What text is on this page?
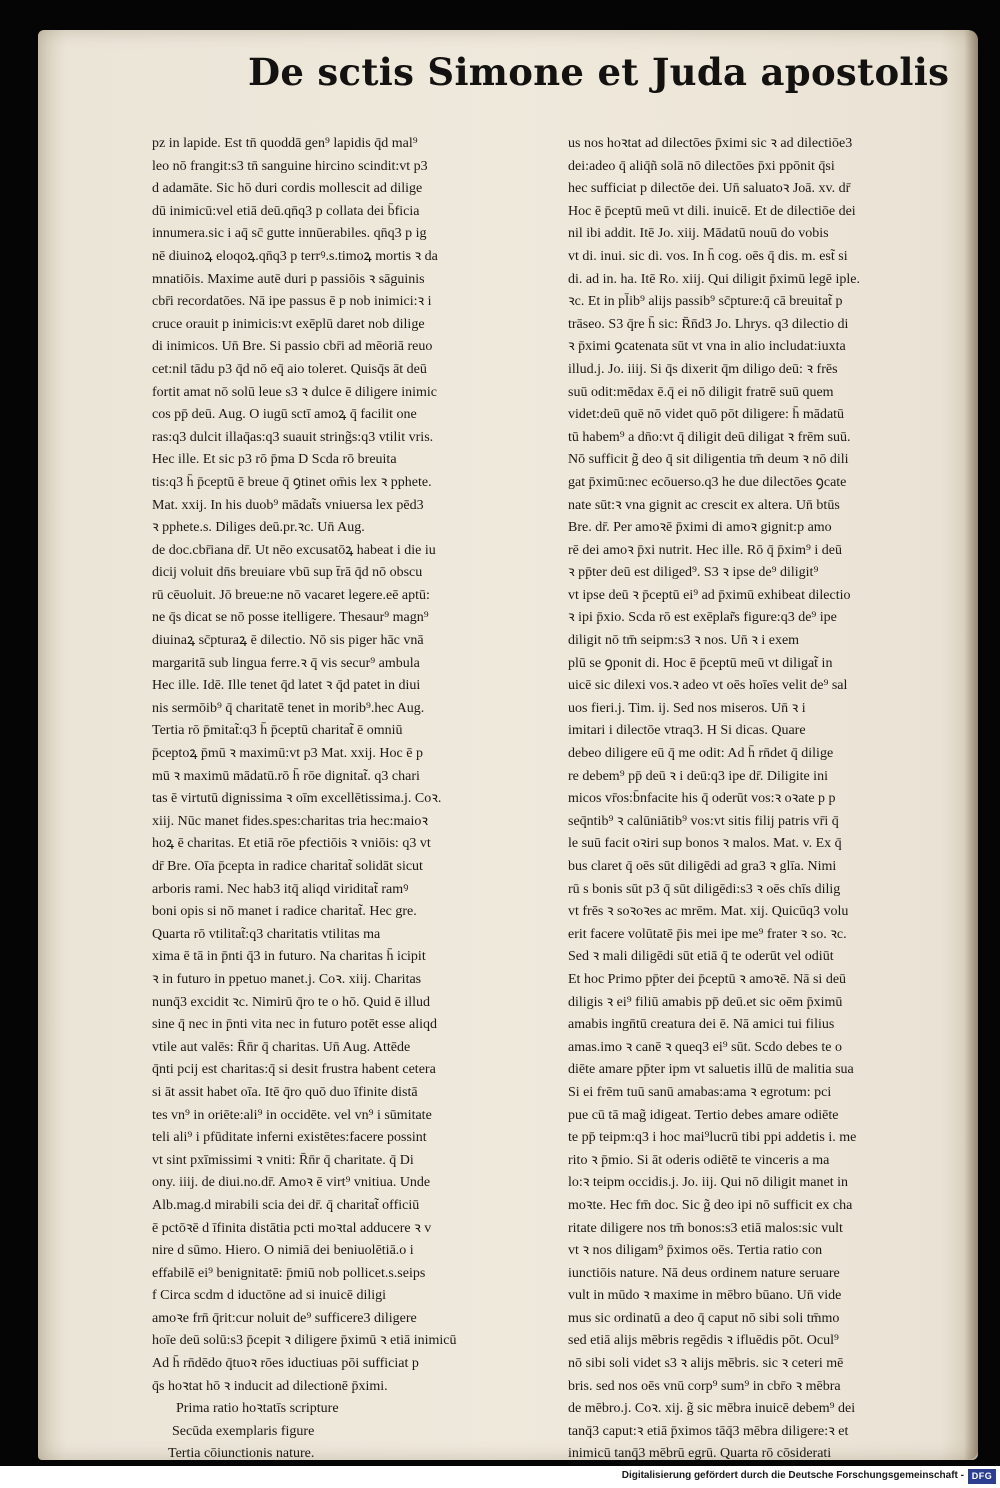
De sctis Simone et Juda apostolis
pz in lapide. Est tn̄ quoddā gen⁹ lapidis q̄d mal⁹
leo nō frangit:s3 tn̄ sanguine hircino scindit:vt p3
d adamāte. Sic hō duri cordis mollescit ad dilige
dū inimicū:vel etiā deū.qn̄q3 p collata dei b̄ficia
innumera.sic i aq̄ sc̄ gutte innūerabiles. qn̄q3 p ig
nē diuinoꝝ eloqoꝝ.qn̄q3 p terrꝰ.s.timoꝝ mortis ꝛ da
mnatiōis. Maxime autē duri p passiōis ꝛ sāguinis
cbr̄i recordatōes. Nā ipe passus ē p nob inimici:ꝛ i
cruce orauit p inimicis:vt exēplū daret nob dilige
di inimicos. Un̄ Bre. Si passio cbr̄i ad mēoriā reuo
cet:nil tādu p3 q̄d nō eq̄ aio toleret. Quisq̄s āt deū
fortit amat nō solū leue s3 ꝛ dulce ē diligere inimic
cos pp̄ deū. Aug. O iugū sctī amoꝝ q̄ facilit one
ras:q3 dulcit illaq̄as:q3 suauit string̃s:q3 vtilit vris.
Hec ille. Et sic p3 rō p̄ma D Scda rō breuita
tis:q3 h̄ p̄ceptū ē breue q̄ ꝯtinet om̄is lex ꝛ pphete.
Mat. xxij. In his duob⁹ mādat̃s vniuersa lex pēd3
ꝛ pphete.s. Diliges deū.pr.ꝛc. Un̄ Aug.
de doc.cbr̄iana dr̄. Ut nēo excusatōꝝ habeat i die iu
dicij voluit dn̄s breuiare vbū sup t̄rā q̄d nō obscu
rū cēuoluit. Jō breue:ne nō vacaret legere.eē aptū:
ne q̄s dicat se nō posse itelligere. Thesaur⁹ magn⁹
diuinaꝝ sc̄pturaꝝ ē dilectio. Nō sis piger hāc vnā
margaritā sub lingua ferre.ꝛ q̄ vis secur⁹ ambula
Hec ille. Idē. Ille tenet q̄d latet ꝛ q̄d patet in diui
nis sermōib⁹ q̄ charitatē tenet in morib⁹.hec Aug.
Tertia rō p̄mitat̃:q3 h̄ p̄ceptū charitat̃ ē omniū
p̄ceptoꝝ p̄mū ꝛ maximū:vt p3 Mat. xxij. Hoc ē p
mū ꝛ maximū mādatū.rō h̄ rōe dignitat̃. q3 chari
tas ē virtutū dignissima ꝛ oīm excellētissima.j. Coꝛ.
xiij. Nūc manet fides.spes:charitas tria hec:maioꝛ
hoꝝ ē charitas. Et etiā rōe pfectiōis ꝛ vniōis: q3 vt
dr̄ Bre. Oīa p̄cepta in radice charitat̃ solidāt sicut
arboris rami. Nec hab3 itq̄ aliqd viriditat̃ ramꝰ
boni opis si nō manet i radice charitat̃. Hec gre.
Quarta rō vtilitat̃:q3 charitatis vtilitas ma
xima ē tā in p̄nti q̄3 in futuro. Na charitas h̄ icipit
ꝛ in futuro in ppetuo manet.j. Coꝛ. xiij. Charitas
nunq̄3 excidit ꝛc. Nimirū q̄ro te o hō. Quid ē illud
sine q̄ nec in p̄nti vita nec in futuro potēt esse aliqd
vtile aut valēs: R̄n̄r q̄ charitas. Un̄ Aug. Attēde
q̄nti pcij est charitas:q̄ si desit frustra habent cetera
si āt assit habet oīa. Itē q̄ro quō duo īfinite distā
tes vn⁹ in oriēte:ali⁹ in occidēte. vel vn⁹ i sūmitate
teli ali⁹ i pfūditate inferni existētes:facere possint
vt sint pxīmissimi ꝛ vniti: R̄n̄r q̄ charitate. q̄ Di
ony. iiij. de diui.no.dr̄. Amoꝛ ē virt⁹ vnitiua. Unde
Alb.mag.d mirabili scia dei dr̄. q̄ charitat̃ officiū
ē pctōꝛē d īfinita distātia pcti moꝛtal adducere ꝛ v
nire d sūmo. Hiero. O nimiā dei beniuolētiā.o i
effabilē ei⁹ benignitatē: p̄miū nob pollicet.s.seips
f Circa scdm d iductōne ad si inuicē diligi
amoꝛe frn̄ q̄rit:cur noluit de⁹ sufficere3 diligere
hoīe deū solū:s3 p̄cepit ꝛ diligere p̄ximū ꝛ etiā inimicū
Ad h̄ rn̄dēdo q̄tuoꝛ rōes iductiuas pōi sufficiat p
q̄s hoꝛtat hō ꝛ inducit ad dilectionē p̄ximi.
Prima ratio hoꝛtatīs scripture
Secūda exemplaris figure
Tertia cōiunctionis nature.
us nos hoꝛtat ad dilectōes p̄ximi sic ꝛ ad dilectiōe3
dei:adeo q̄ aliq̄ñ solā nō dilectōes p̄xi ppōnit q̄si
hec sufficiat p dilectōe dei. Un̄ saluatoꝛ Joā. xv. dr̄
Hoc ē p̄ceptū meū vt dili. inuicē. Et de dilectiōe dei
nil ibi addit. Itē Jo. xiij. Mādatū nouū do vobis
vt di. inui. sic di. vos. In h̄ cog. oēs q̄ dis. m. est̃ si
di. ad in. ha. Itē Ro. xiij. Qui diligit p̄ximū legē iple.
ꝛc. Et in pl̄ib⁹ alijs passib⁹ sc̄pture:q̄ cā breuitat̃ p
trāseo. S3 q̄re h̄ sic: R̄n̄d3 Jo. Lhrys. q3 dilectio di
ꝛ p̄ximi ꝯcatenata sūt vt vna in alio includat:iuxta
illud.j. Jo. iiij. Si q̄s dixerit q̄m diligo deū: ꝛ frēs
suū odit:mēdax ē.q̄ ei nō diligit fratrē suū quem
videt:deū quē nō videt quō pōt diligere: h̄ mādatū
tū habem⁹ a dn̄o:vt q̄ diligit deū diligat ꝛ frēm suū.
Nō sufficit g̃ deo q̄ sit diligentia tm̄ deum ꝛ nō dili
gat p̄ximū:nec ecōuerso.q3 he due dilectōes ꝯcate
nate sūt:ꝛ vna gignit ac crescit ex altera. Un̄ btūs
Bre. dr̄. Per amoꝛē p̄ximi di amoꝛ gignit:p amo
rē dei amoꝛ p̄xi nutrit. Hec ille. Rō q̄ p̄xim⁹ i deū
ꝛ pp̄ter deū est diliged⁹. S3 ꝛ ipse de⁹ diligit⁹
vt ipse deū ꝛ p̄ceptū ei⁹ ad p̄ximū exhibeat dilectio
ꝛ ipi p̄xio. Scda rō est exēplar̃s figure:q3 de⁹ ipe
diligit nō tm̄ seipm:s3 ꝛ nos. Un̄ ꝛ i exem
plū se ꝯponit di. Hoc ē p̄ceptū meū vt diligat̃ in
uicē sic dilexi vos.ꝛ adeo vt oēs hoīes velit de⁹ sal
uos fieri.j. Tim. ij. Sed nos miseros. Un̄ ꝛ i
imitari i dilectōe vtraq3. H Si dicas. Quare
debeo diligere eū q̄ me odit: Ad h̄ rn̄det q̄ dilige
re debem⁹ pp̄ deū ꝛ i deū:q3 ipe dr̄. Diligite ini
micos vr̄os:b̄nfacite his q̄ oderūt vos:ꝛ oꝛate p p
seq̄ntib⁹ ꝛ calūniātib⁹ vos:vt sitis filij patris vr̄i q̄
le suū facit oꝛiri sup bonos ꝛ malos. Mat. v. Ex q̄
bus claret q̄ oēs sūt diligēdi ad gra3 ꝛ glīa. Nimi
rū s bonis sūt p3 q̄ sūt diligēdi:s3 ꝛ oēs chīs dilig
vt frēs ꝛ soꝛoꝛes ac mrēm. Mat. xij. Quicūq3 volu
erit facere volūtatē p̄is mei ipe me⁹ frater ꝛ so. ꝛc.
Sed ꝛ mali diligēdi sūt etiā q̄ te oderūt vel odiūt
Et hoc Primo pp̄ter dei p̄ceptū ꝛ amoꝛē. Nā si deū
diligis ꝛ ei⁹ filiū amabis pp̄ deū.et sic oēm p̄ximū
amabis ingn̄tū creatura dei ē. Nā amici tui filius
amas.imo ꝛ canē ꝛ queq3 ei⁹ sūt. Scdo debes te o
diēte amare pp̄ter ipm vt saluetis illū de malitia sua
Si ei frēm tuū sanū amabas:ama ꝛ egrotum: pci
pue cū tā mag̃ idigeat. Tertio debes amare odiēte
te pp̄ teipm:q3 i hoc mai⁹lucrū tibi ppi addetis i. me
rito ꝛ p̄mio. Si āt oderis odiētē te vinceris a ma
lo:ꝛ teipm occidis.j. Jo. iij. Qui nō diligit manet in
moꝛte. Hec fm̄ doc. Sic g̃ deo ipi nō sufficit ex cha
ritate diligere nos tm̄ bonos:s3 etiā malos:sic vult
vt ꝛ nos diligam⁹ p̄ximos oēs. Tertia ratio con
iunctiōis nature. Nā deus ordinem nature seruare
vult in mūdo ꝛ maxime in mēbro būano. Un̄ vide
mus sic ordinatū a deo q̄ caput nō sibi soli tm̄mo
sed etiā alijs mēbris regēdis ꝛ ifluēdis pōt. Ocul⁹
nō sibi soli videt s3 ꝛ alijs mēbris. sic ꝛ ceteri mē
bris. sed nos oēs vnū corp⁹ sum⁹ in cbr̄o ꝛ mēbra
de mēbro.j. Coꝛ. xij. g̃ sic mēbra inuicē debem⁹ dei
tanq̄3 caput:ꝛ etiā p̄ximos tāq̄3 mēbra diligere:ꝛ et
inimicū tanq̄3 mēbrū egrū. Quarta rō cōsiderati
Digitalisierung gefördert durch die Deutsche Forschungsgemeinschaft - DFG
